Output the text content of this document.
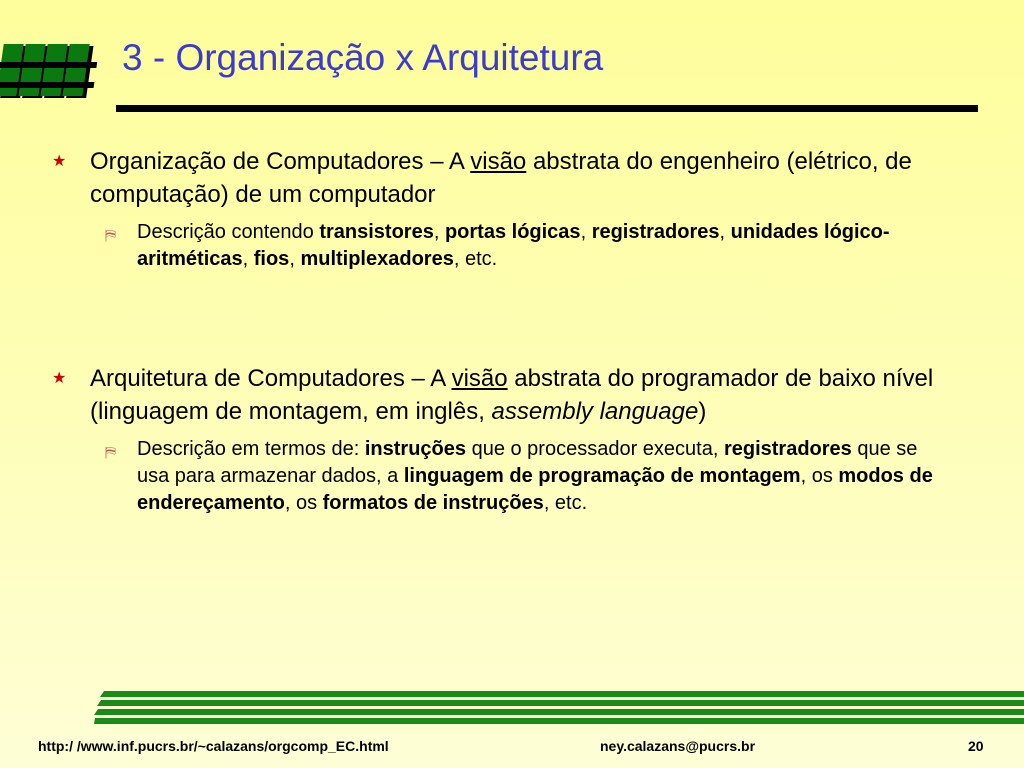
3 - Organização x Arquitetura
★ Organização de Computadores – A visão abstrata do engenheiro (elétrico, de computação) de um computador
⛿ Descrição contendo transistores, portas lógicas, registradores, unidades lógico-aritméticas, fios, multiplexadores, etc.
★ Arquitetura de Computadores – A visão abstrata do programador de baixo nível (linguagem de montagem, em inglês, assembly language)
⛿ Descrição em termos de: instruções que o processador executa, registradores que se usa para armazenar dados, a linguagem de programação de montagem, os modos de endereçamento, os formatos de instruções, etc.
http:/ /www.inf.pucrs.br/~calazans/orgcomp_EC.html	ney.calazans@pucrs.br	20
